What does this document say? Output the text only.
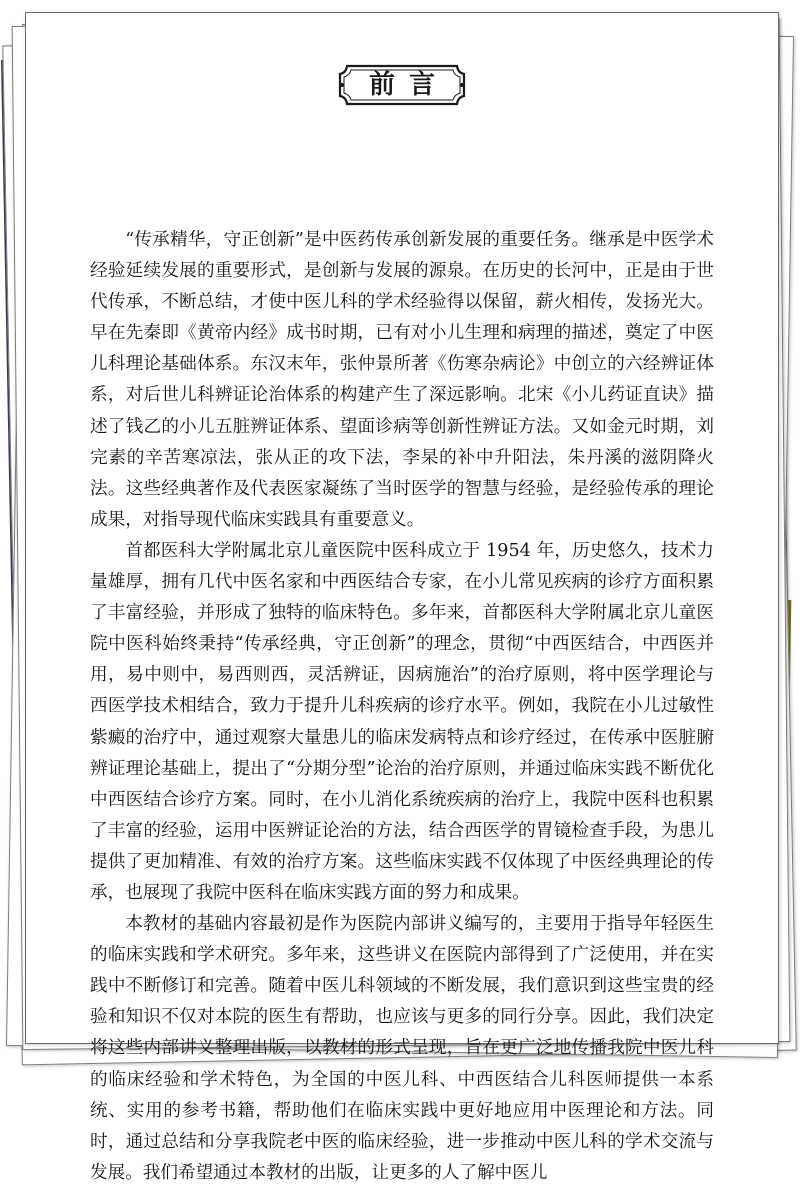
前言

“传承精华，守正创新”是中医药传承创新发展的重要任务。继承是中医学术经验延续发展的重要形式，是创新与发展的源泉。在历史的长河中，正是由于世代传承，不断总结，才使中医儿科的学术经验得以保留，薪火相传，发扬光大。早在先秦即《黄帝内经》成书时期，已有对小儿生理和病理的描述，奠定了中医儿科理论基础体系。东汉末年，张仲景所著《伤寒杂病论》中创立的六经辨证体系，对后世儿科辨证论治体系的构建产生了深远影响。北宋《小儿药证直诀》描述了钱乙的小儿五脏辨证体系、望面诊病等创新性辨证方法。又如金元时期，刘完素的辛苦寒凉法，张从正的攻下法，李杲的补中升阳法，朱丹溪的滋阴降火法。这些经典著作及代表医家凝练了当时医学的智慧与经验，是经验传承的理论成果，对指导现代临床实践具有重要意义。

首都医科大学附属北京儿童医院中医科成立于 1954 年，历史悠久，技术力量雄厚，拥有几代中医名家和中西医结合专家，在小儿常见疾病的诊疗方面积累了丰富经验，并形成了独特的临床特色。多年来，首都医科大学附属北京儿童医院中医科始终秉持“传承经典，守正创新”的理念，贯彻“中西医结合，中西医并用，易中则中，易西则西，灵活辨证，因病施治”的治疗原则，将中医学理论与西医学技术相结合，致力于提升儿科疾病的诊疗水平。例如，我院在小儿过敏性紫癜的治疗中，通过观察大量患儿的临床发病特点和诊疗经过，在传承中医脏腑辨证理论基础上，提出了“分期分型”论治的治疗原则，并通过临床实践不断优化中西医结合诊疗方案。同时，在小儿消化系统疾病的治疗上，我院中医科也积累了丰富的经验，运用中医辨证论治的方法，结合西医学的胃镜检查手段，为患儿提供了更加精准、有效的治疗方案。这些临床实践不仅体现了中医经典理论的传承，也展现了我院中医科在临床实践方面的努力和成果。

本教材的基础内容最初是作为医院内部讲义编写的，主要用于指导年轻医生的临床实践和学术研究。多年来，这些讲义在医院内部得到了广泛使用，并在实践中不断修订和完善。随着中医儿科领域的不断发展，我们意识到这些宝贵的经验和知识不仅对本院的医生有帮助，也应该与更多的同行分享。因此，我们决定将这些内部讲义整理出版，以教材的形式呈现，旨在更广泛地传播我院中医儿科的临床经验和学术特色，为全国的中医儿科、中西医结合儿科医师提供一本系统、实用的参考书籍，帮助他们在临床实践中更好地应用中医理论和方法。同时，通过总结和分享我院老中医的临床经验，进一步推动中医儿科的学术交流与发展。我们希望通过本教材的出版，让更多的人了解中医儿
